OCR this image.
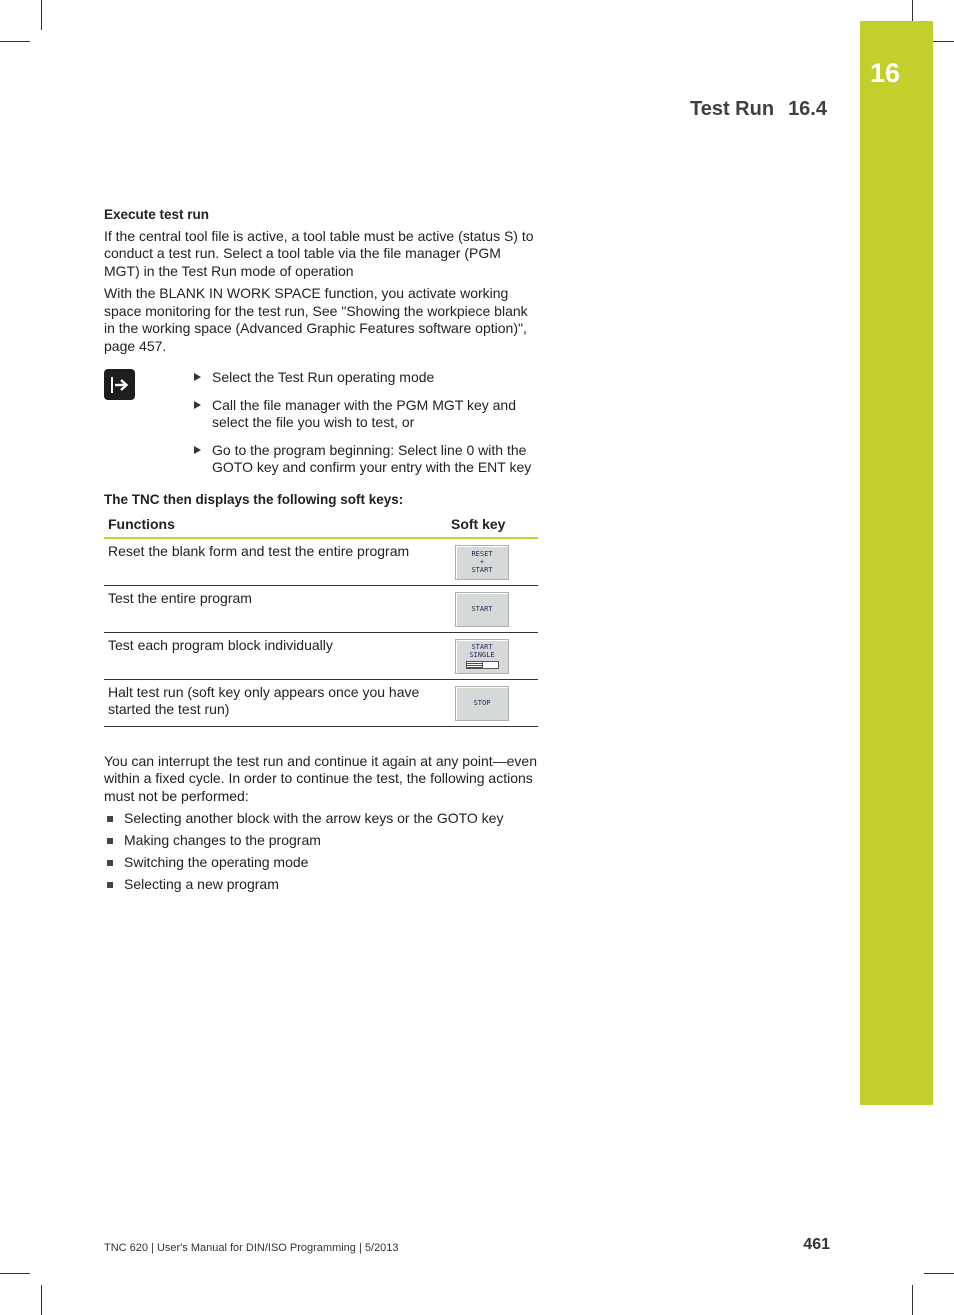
16
Test Run 16.4
Execute test run

If the central tool file is active, a tool table must be active (status S) to conduct a test run. Select a tool table via the file manager (PGM MGT) in the Test Run mode of operation

With the BLANK IN WORK SPACE function, you activate working space monitoring for the test run, See "Showing the workpiece blank in the working space (Advanced Graphic Features software option)", page 457.

Select the Test Run operating mode
Call the file manager with the PGM MGT key and select the file you wish to test, or
Go to the program beginning: Select line 0 with the GOTO key and confirm your entry with the ENT key
The TNC then displays the following soft keys:
Functions	Soft key
Reset the blank form and test the entire program	RESET
+
START

Test the entire program	START

Test each program block individually	START
SINGLE

Halt test run (soft key only appears once you have started the test run)	STOP

You can interrupt the test run and continue it again at any point—even within a fixed cycle. In order to continue the test, the following actions must not be performed:

Selecting another block with the arrow keys or the GOTO key
Making changes to the program
Switching the operating mode
Selecting a new program
TNC 620 | User's Manual for DIN/ISO Programming | 5/2013	461
